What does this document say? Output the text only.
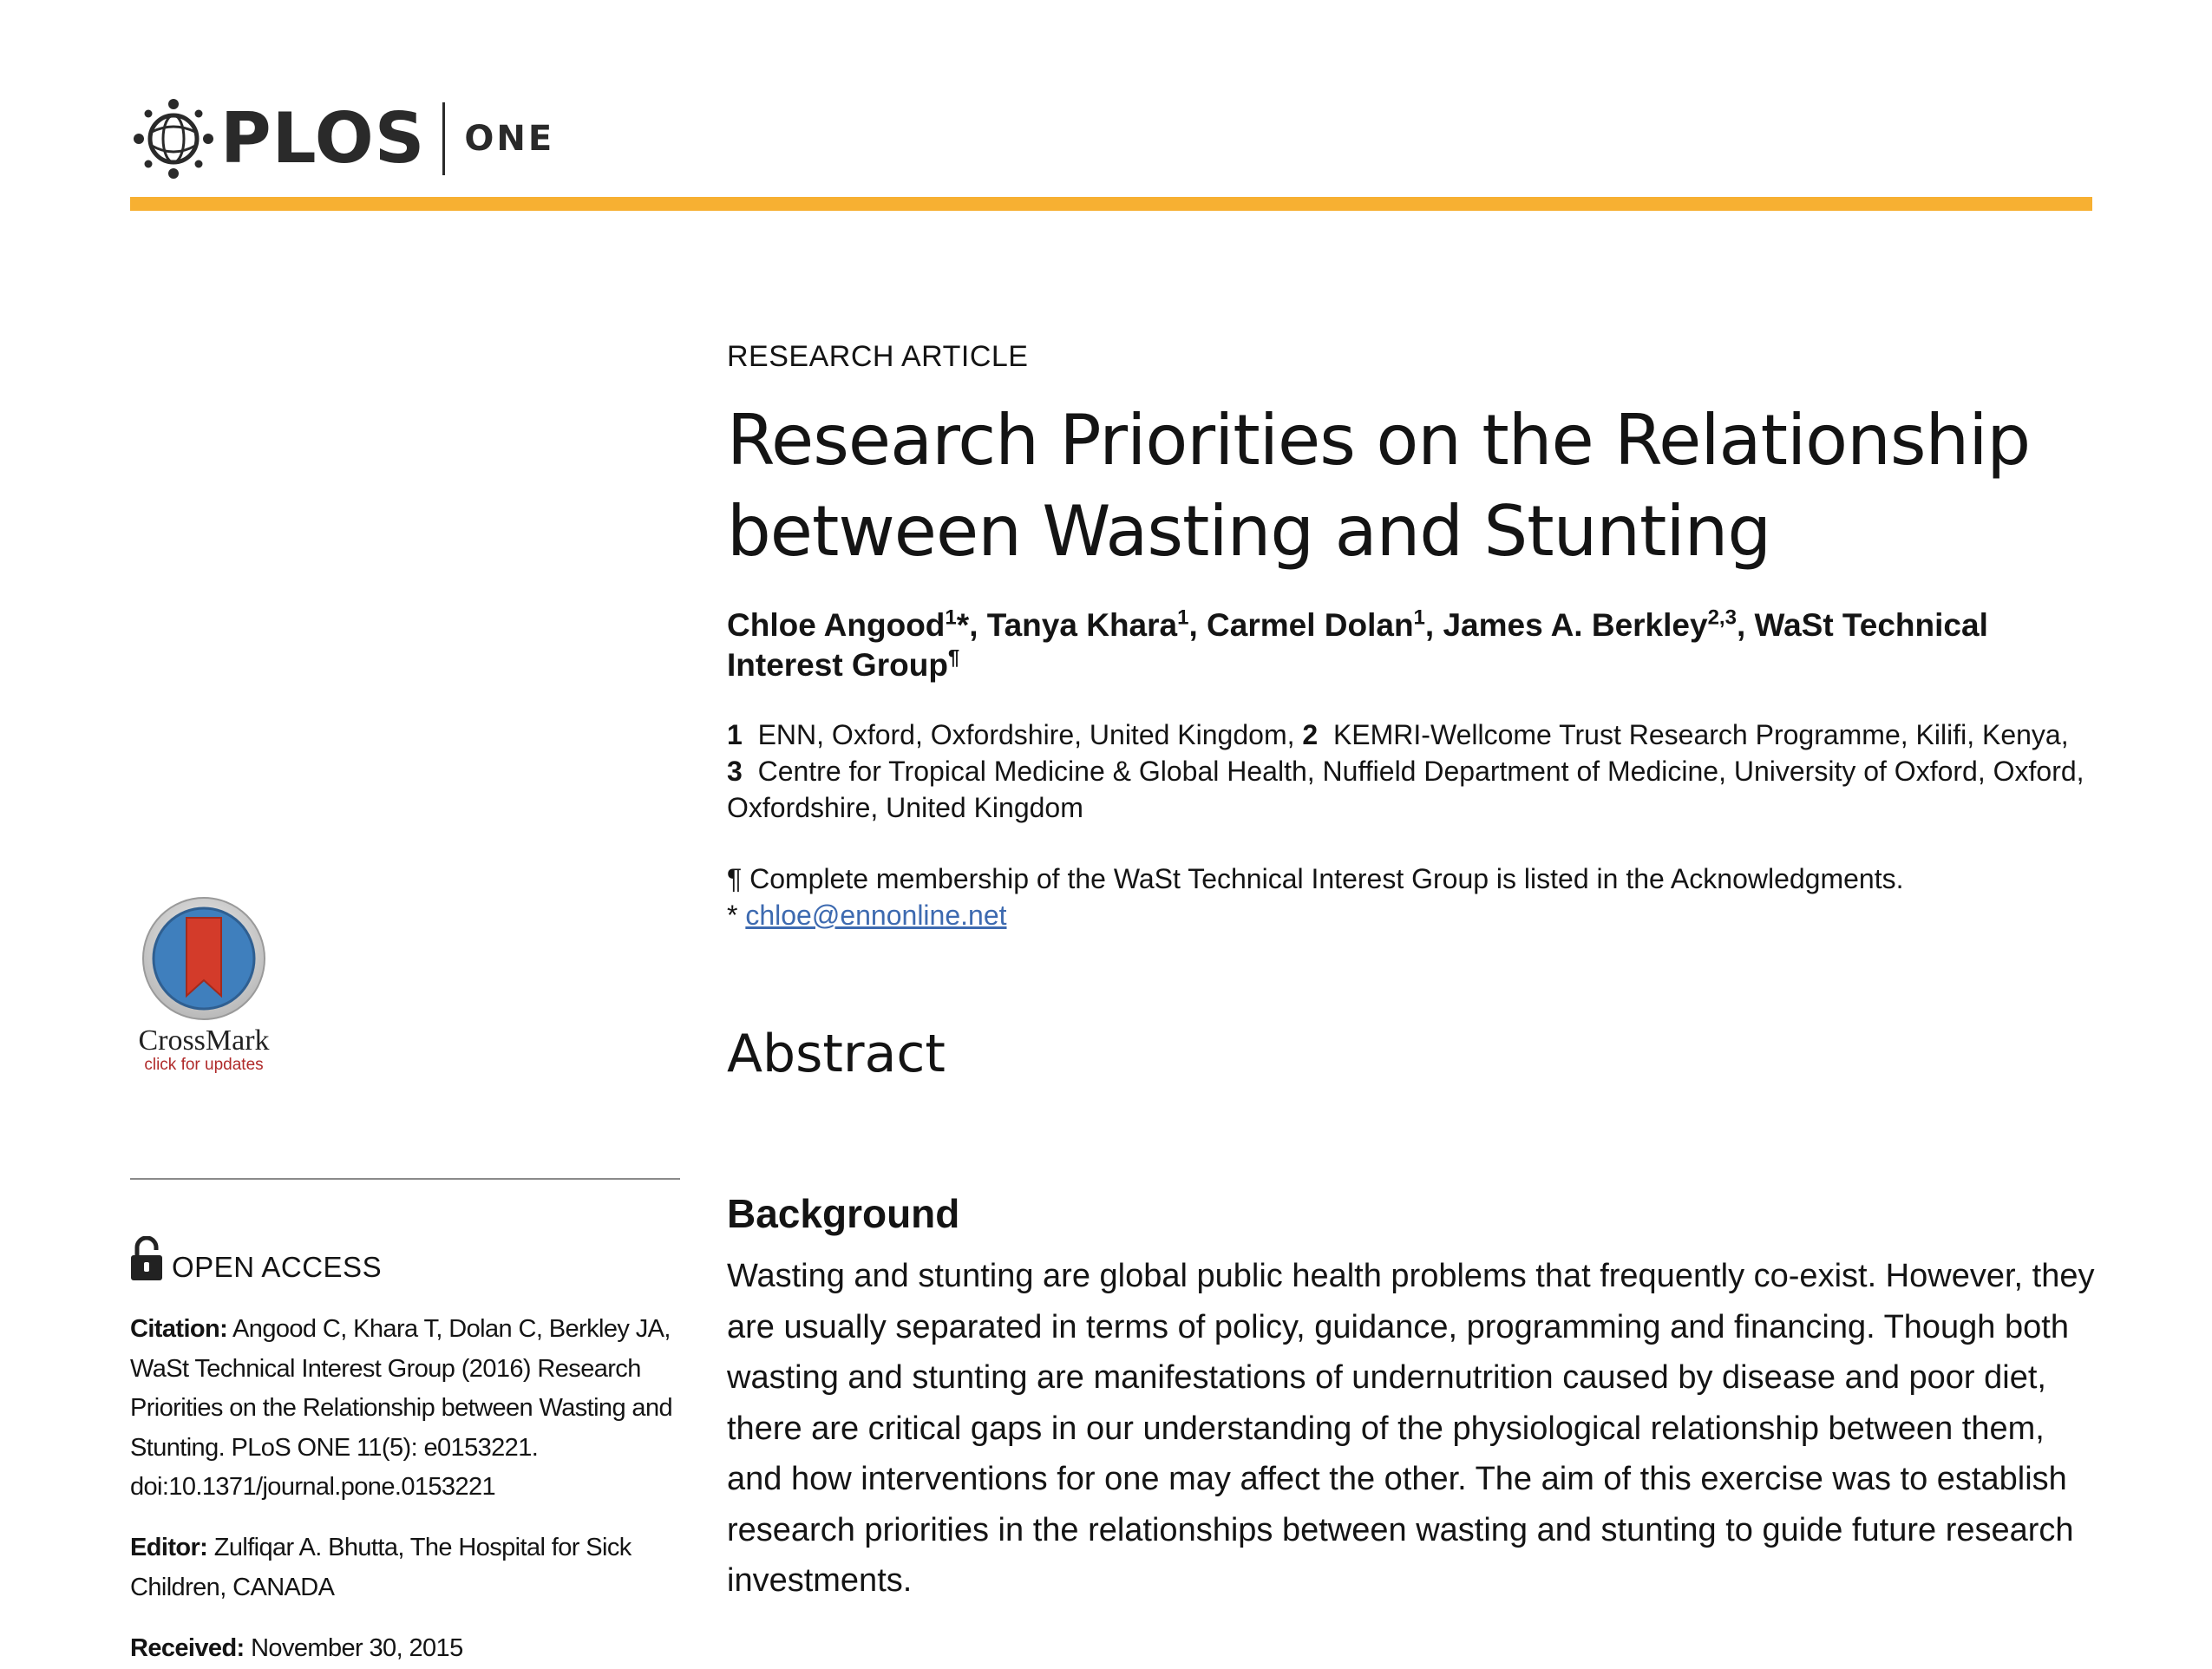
PLOS ONE
RESEARCH ARTICLE
Research Priorities on the Relationship
between Wasting and Stunting
Chloe Angood$^1$*, Tanya Khara$^1$, Carmel Dolan$^1$, James A. Berkley$^{2,3}$, WaSt Technical Interest Group¶
1 ENN, Oxford, Oxfordshire, United Kingdom, 2 KEMRI-Wellcome Trust Research Programme, Kilifi, Kenya, 3 Centre for Tropical Medicine & Global Health, Nuffield Department of Medicine, University of Oxford, Oxford, Oxfordshire, United Kingdom
¶ Complete membership of the WaSt Technical Interest Group is listed in the Acknowledgments.
* chloe@ennonline.net
Abstract
Background
Wasting and stunting are global public health problems that frequently co-exist. However, they are usually separated in terms of policy, guidance, programming and financing. Though both wasting and stunting are manifestations of undernutrition caused by disease and poor diet, there are critical gaps in our understanding of the physiological relationship between them, and how interventions for one may affect the other. The aim of this exercise was to establish research priorities in the relationships between wasting and stunting to guide future research investments.
CrossMark
click for updates
OPEN ACCESS
Citation: Angood C, Khara T, Dolan C, Berkley JA, WaSt Technical Interest Group (2016) Research Priorities on the Relationship between Wasting and Stunting. PLoS ONE 11(5): e0153221. doi:10.1371/journal.pone.0153221
Editor: Zulfiqar A. Bhutta, The Hospital for Sick Children, CANADA
Received: November 30, 2015
